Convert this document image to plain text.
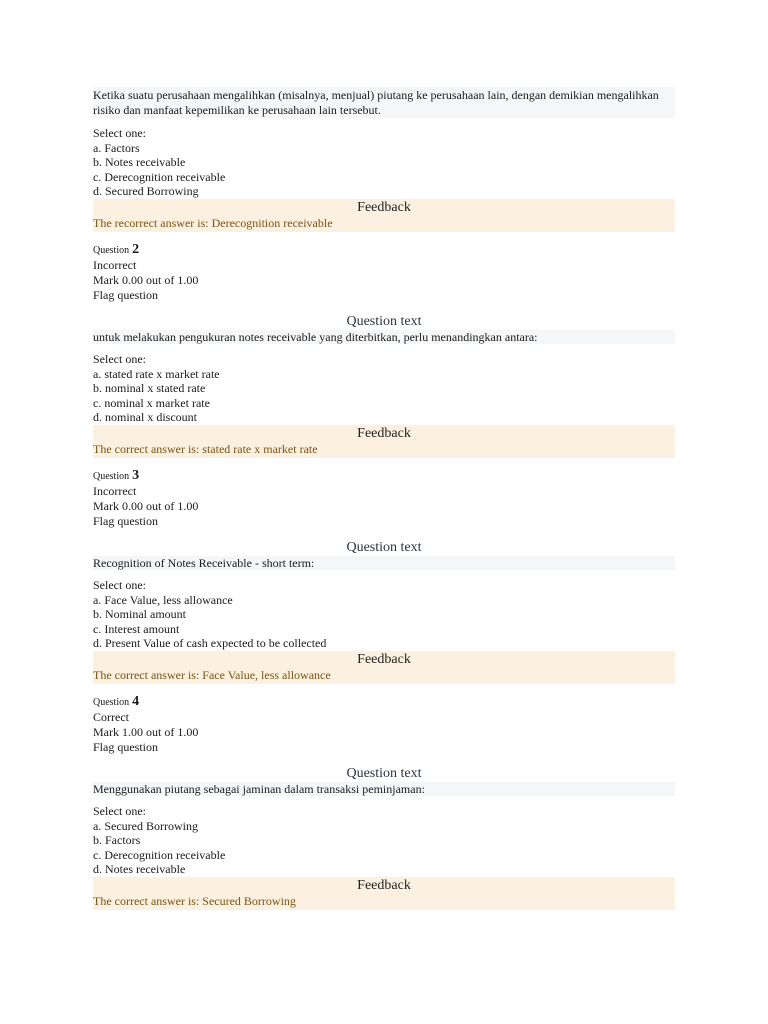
Ketika suatu perusahaan mengalihkan (misalnya, menjual) piutang ke perusahaan lain, dengan demikian mengalihkan risiko dan manfaat kepemilikan ke perusahaan lain tersebut.
Select one:
a. Factors
b. Notes receivable
c. Derecognition receivable
d. Secured Borrowing
Feedback
The recorrect answer is: Derecognition receivable
Question 2
Incorrect
Mark 0.00 out of 1.00
Flag question
Question text
untuk melakukan pengukuran notes receivable yang diterbitkan, perlu menandingkan antara:
Select one:
a. stated rate x market rate
b. nominal x stated rate
c. nominal x market rate
d. nominal x discount
Feedback
The correct answer is: stated rate x market rate
Question 3
Incorrect
Mark 0.00 out of 1.00
Flag question
Question text
Recognition of Notes Receivable - short term:
Select one:
a. Face Value, less allowance
b. Nominal amount
c. Interest amount
d. Present Value of cash expected to be collected
Feedback
The correct answer is: Face Value, less allowance
Question 4
Correct
Mark 1.00 out of 1.00
Flag question
Question text
Menggunakan piutang sebagai jaminan dalam transaksi peminjaman:
Select one:
a. Secured Borrowing
b. Factors
c. Derecognition receivable
d. Notes receivable
Feedback
The correct answer is: Secured Borrowing
